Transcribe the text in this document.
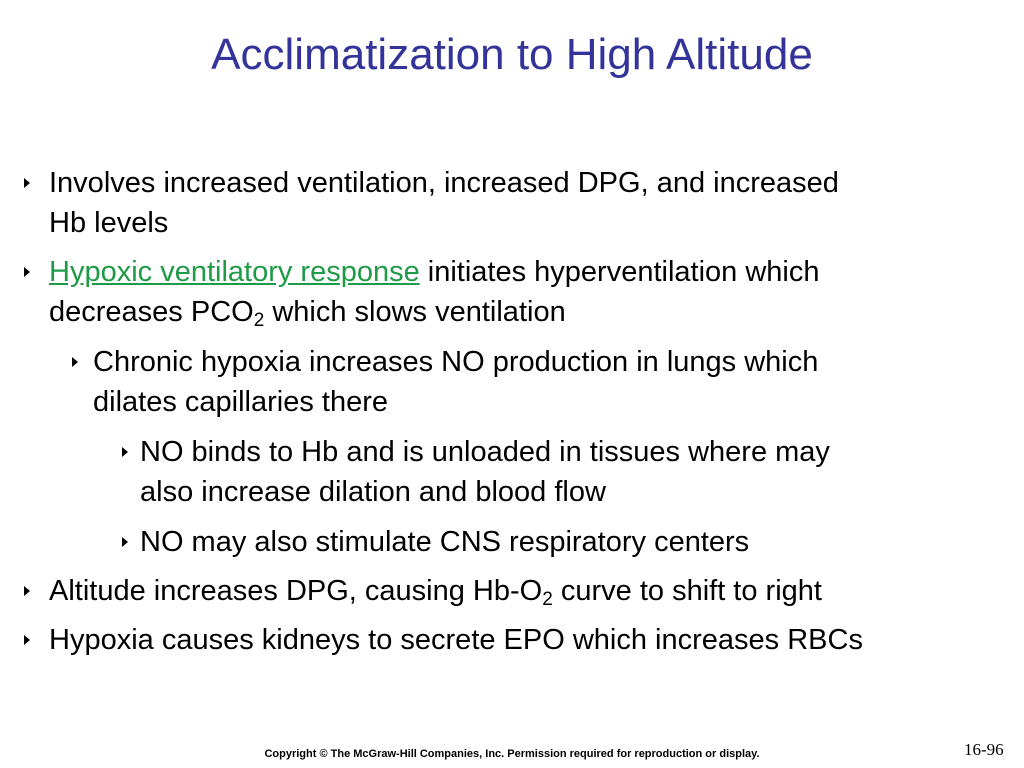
Acclimatization to High Altitude
Involves increased ventilation, increased DPG, and increased
Hb levels
Hypoxic ventilatory response initiates hyperventilation which
decreases $PCO_2$ which slows ventilation
Chronic hypoxia increases NO production in lungs which
dilates capillaries there
NO binds to Hb and is unloaded in tissues where may
also increase dilation and blood flow
NO may also stimulate CNS respiratory centers
Altitude increases DPG, causing $Hb-O_2$ curve to shift to right
Hypoxia causes kidneys to secrete EPO which increases RBCs
Copyright © The McGraw-Hill Companies, Inc. Permission required for reproduction or display.	16-96
